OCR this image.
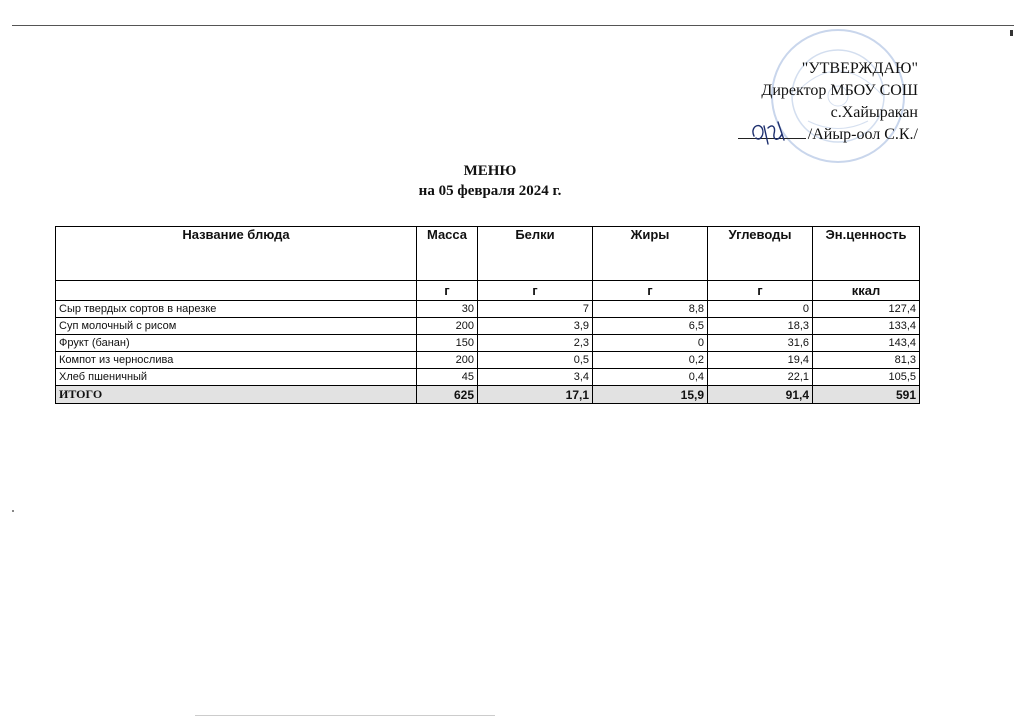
"УТВЕРЖДАЮ"
Директор МБОУ СОШ
с.Хайыракан
/Айыр-оол С.К./
МЕНЮ
на 05 февраля 2024 г.
Название блюда	Масса	Белки	Жиры	Углеводы	Эн.ценность
	г	г	г	г	ккал
Сыр твердых сортов в нарезке	30	7	8,8	0	127,4
Суп молочный с рисом	200	3,9	6,5	18,3	133,4
Фрукт (банан)	150	2,3	0	31,6	143,4
Компот из чернослива	200	0,5	0,2	19,4	81,3
Хлеб пшеничный	45	3,4	0,4	22,1	105,5
ИТОГО	625	17,1	15,9	91,4	591
